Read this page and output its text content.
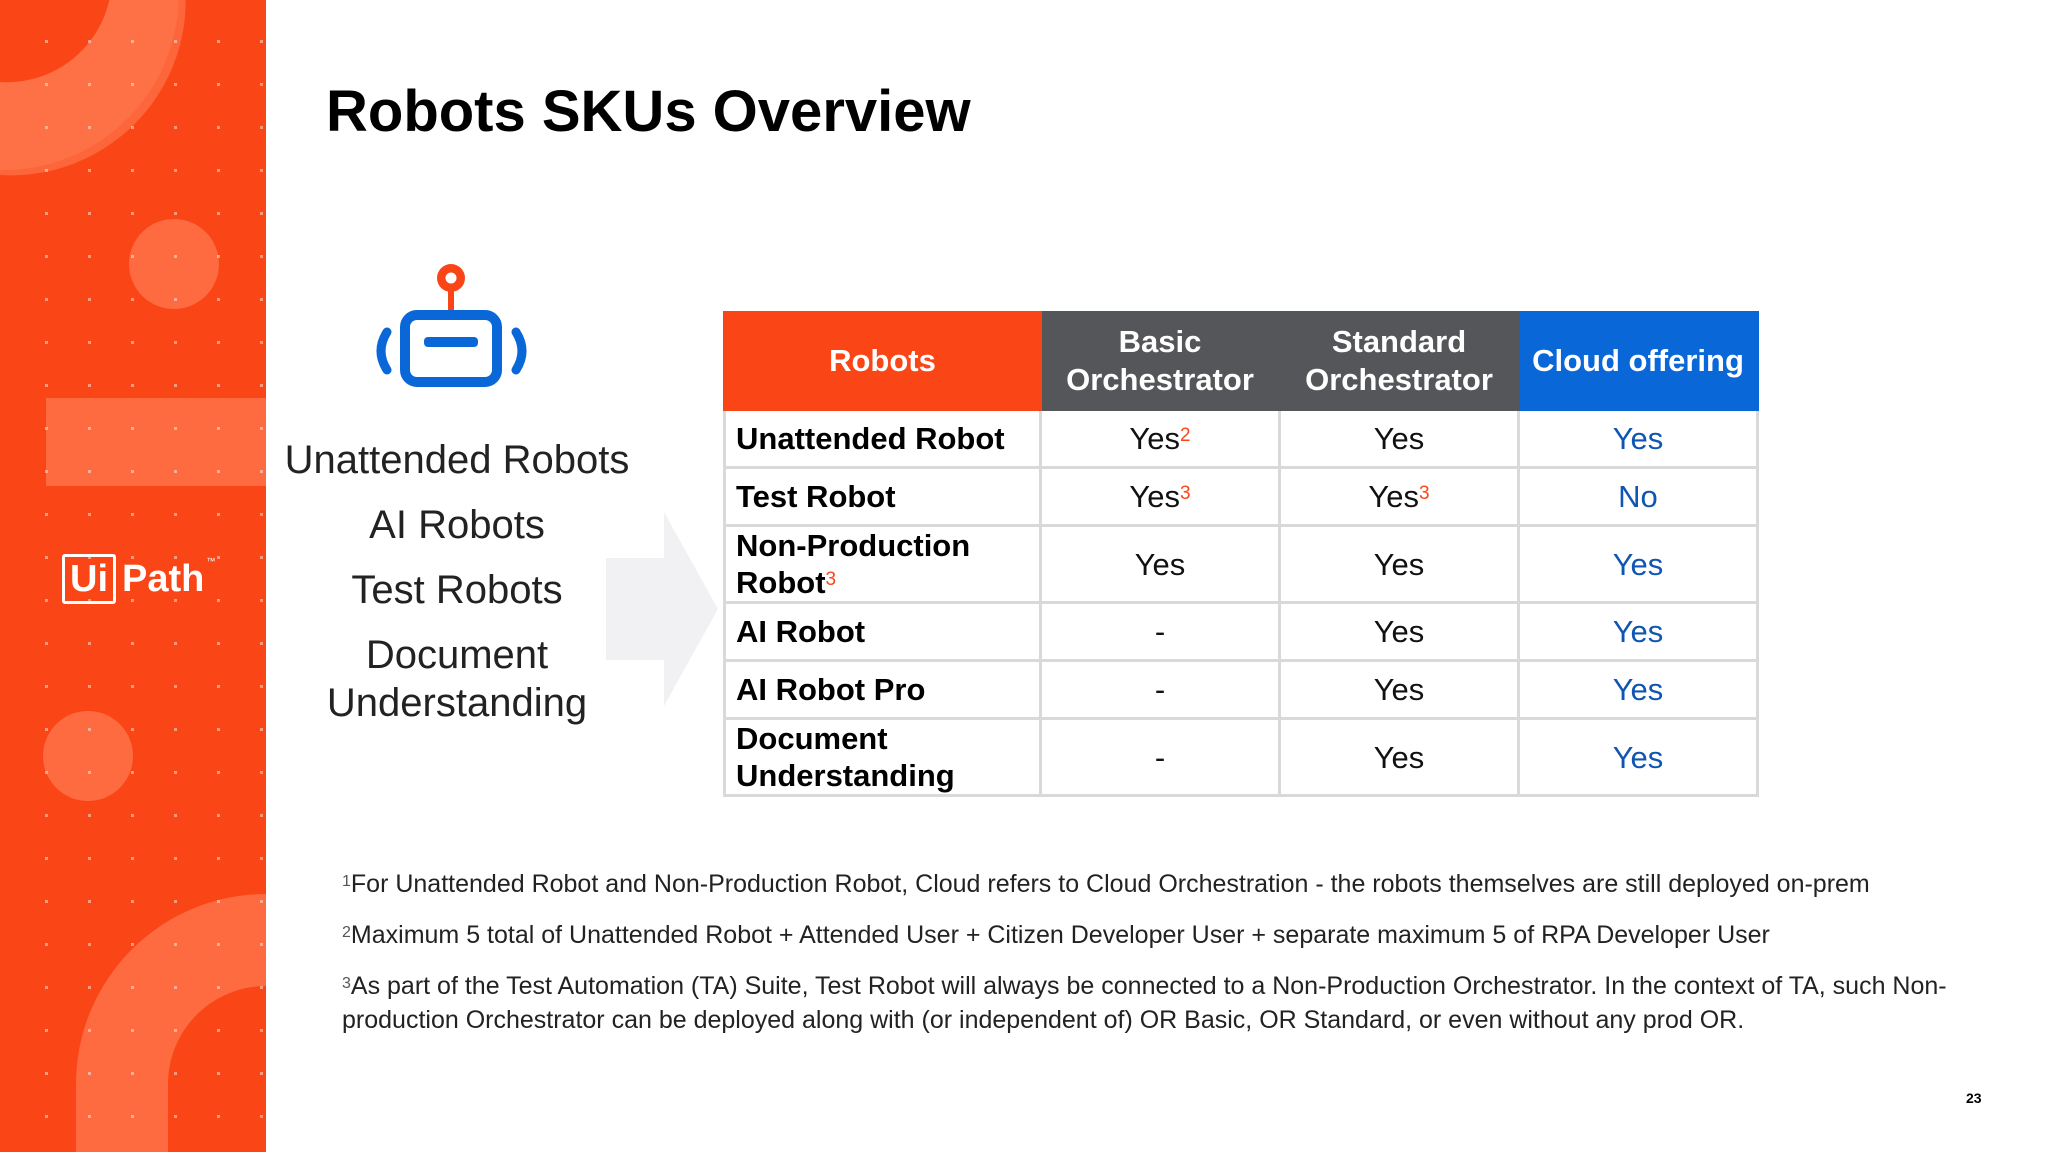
Ui Path ™
Robots SKUs Overview
Unattended Robots
AI Robots
Test Robots
Document Understanding
Robots	Basic Orchestrator	Standard Orchestrator	Cloud offering
Unattended Robot	Yes$^2$	Yes	Yes
Test Robot	Yes$^3$	Yes$^3$	No
Non-Production Robot$^3$	Yes	Yes	Yes
AI Robot	-	Yes	Yes
AI Robot Pro	-	Yes	Yes
Document Understanding	-	Yes	Yes

$^1$For Unattended Robot and Non-Production Robot, Cloud refers to Cloud Orchestration - the robots themselves are still deployed on-prem

$^2$Maximum 5 total of Unattended Robot + Attended User + Citizen Developer User + separate maximum 5 of RPA Developer User

$^3$As part of the Test Automation (TA) Suite, Test Robot will always be connected to a Non-Production Orchestrator. In the context of TA, such Non-production Orchestrator can be deployed along with (or independent of) OR Basic, OR Standard, or even without any prod OR.

23
